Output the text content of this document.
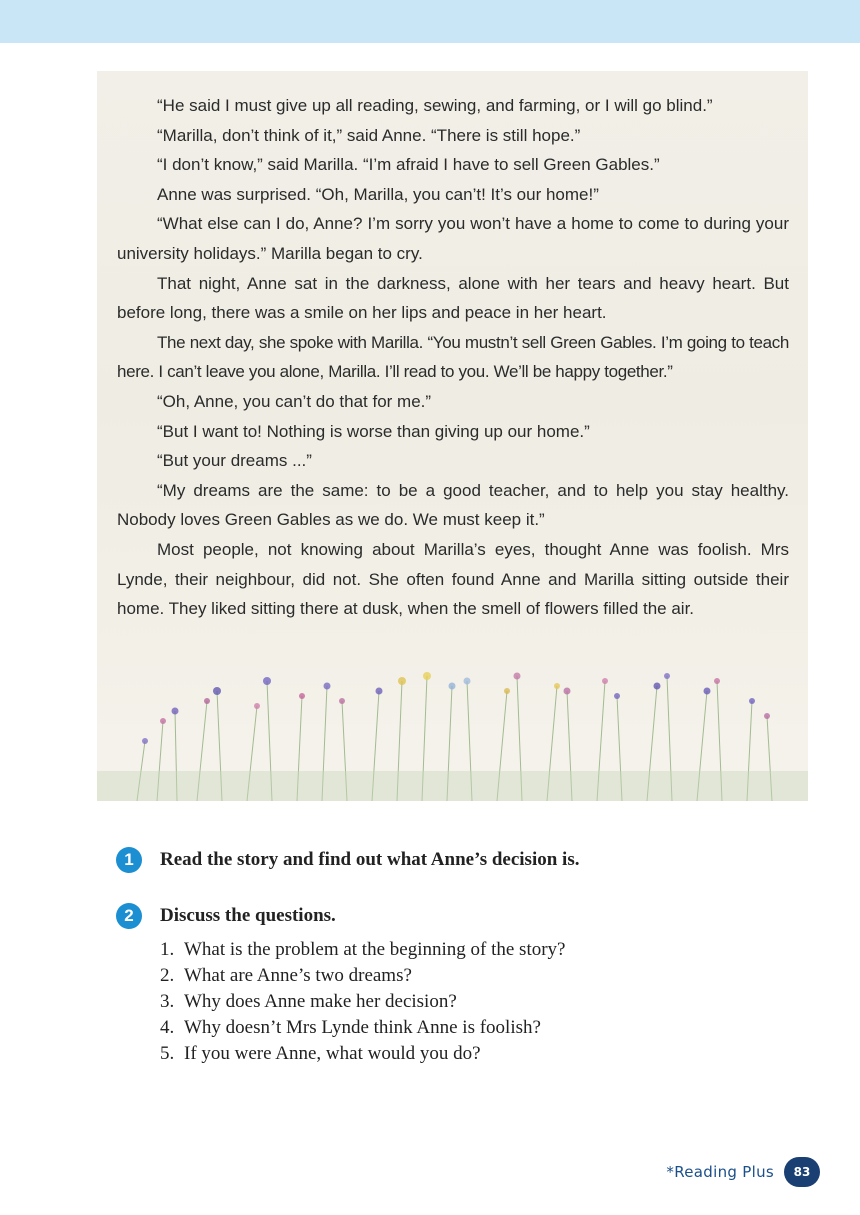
“He said I must give up all reading, sewing, and farming, or I will go blind.”

“Marilla, don’t think of it,” said Anne. “There is still hope.”

“I don’t know,” said Marilla. “I’m afraid I have to sell Green Gables.”

Anne was surprised. “Oh, Marilla, you can’t! It’s our home!”

“What else can I do, Anne? I’m sorry you won’t have a home to come to during your university holidays.” Marilla began to cry.

That night, Anne sat in the darkness, alone with her tears and heavy heart. But before long, there was a smile on her lips and peace in her heart.

The next day, she spoke with Marilla. “You mustn’t sell Green Gables. I’m going to teach here. I can’t leave you alone, Marilla. I’ll read to you. We’ll be happy together.”

“Oh, Anne, you can’t do that for me.”

“But I want to! Nothing is worse than giving up our home.”

“But your dreams ...”

“My dreams are the same: to be a good teacher, and to help you stay healthy. Nobody loves Green Gables as we do. We must keep it.”

Most people, not knowing about Marilla’s eyes, thought Anne was foolish. Mrs Lynde, their neighbour, did not. She often found Anne and Marilla sitting outside their home. They liked sitting there at dusk, when the smell of flowers filled the air.

1	Read the story and find out what Anne’s decision is.
2	Discuss the questions.
1. What is the problem at the beginning of the story?
2. What are Anne’s two dreams?
3. Why does Anne make her decision?
4. Why doesn’t Mrs Lynde think Anne is foolish?
5. If you were Anne, what would you do?
*Reading Plus	83
